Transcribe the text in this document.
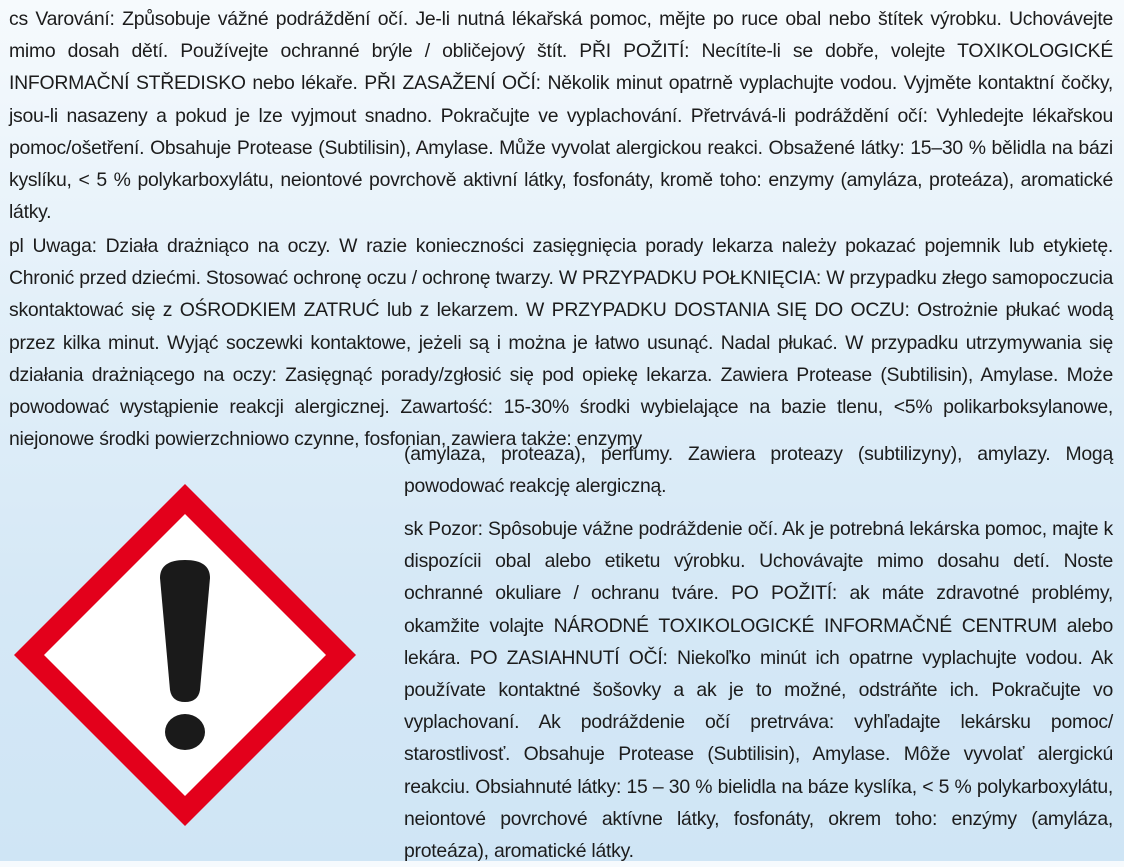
cs Varování: Způsobuje vážné podráždění očí. Je-li nutná lékařská pomoc, mějte po ruce obal nebo štítek výrobku. Uchovávejte mimo dosah dětí. Používejte ochranné brýle / obličejový štít. PŘI POŽITÍ: Necítíte-li se dobře, volejte TOXIKOLOGICKÉ INFORMAČNÍ STŘEDISKO nebo lékaře. PŘI ZASAŽENÍ OČÍ: Několik minut opatrně vyplachujte vodou. Vyjměte kontaktní čočky, jsou-li nasazeny a pokud je lze vyjmout snadno. Pokračujte ve vyplachování. Přetrvává-li podráždění očí: Vyhledejte lékařskou pomoc/ošetření. Obsahuje Protease (Subtilisin), Amylase. Může vyvolat alergickou reakci. Obsažené látky: 15–30 % bělidla na bázi kyslíku, < 5 % polykarboxylátu, neiontové povrchově aktivní látky, fosfonáty, kromě toho: enzymy (amyláza, proteáza), aromatické látky.

pl Uwaga: Działa drażniąco na oczy. W razie konieczności zasięgnięcia porady lekarza należy pokazać pojemnik lub etykietę. Chronić przed dziećmi. Stosować ochronę oczu / ochronę twarzy. W PRZYPADKU POŁKNIĘCIA: W przypadku złego samopoczucia skontaktować się z OŚRODKIEM ZATRUĆ lub z lekarzem. W PRZYPADKU DOSTANIA SIĘ DO OCZU: Ostrożnie płukać wodą przez kilka minut. Wyjąć soczewki kontaktowe, jeżeli są i można je łatwo usunąć. Nadal płukać. W przypadku utrzymywania się działania drażniącego na oczy: Zasięgnąć porady/zgłosić się pod opiekę lekarza. Zawiera Protease (Subtilisin), Amylase. Może powodować wystąpienie reakcji alergicznej. Zawartość: 15-30% środki wybielające na bazie tlenu, <5% polikarboksylanowe, niejonowe środki powierzchniowo czynne, fosfonian, zawiera także: enzymy

(amylaza, proteaza), perfumy. Zawiera proteazy (subtilizyny), amylazy. Mogą powodować reakcję alergiczną.

sk Pozor: Spôsobuje vážne podráždenie očí. Ak je potrebná lekárska pomoc, majte k dispozícii obal alebo etiketu výrobku. Uchovávajte mimo dosahu detí. Noste ochranné okuliare / ochranu tváre. PO POŽITÍ: ak máte zdravotné problémy, okamžite volajte NÁRODNÉ TOXIKOLOGICKÉ INFORMAČNÉ CENTRUM alebo lekára. PO ZASIAHNUTÍ OČÍ: Niekoľko minút ich opatrne vyplachujte vodou. Ak používate kontaktné šošovky a ak je to možné, odstráňte ich. Pokračujte vo vyplachovaní. Ak podráždenie očí pretrváva: vyhľadajte lekársku pomoc/ starostlivosť. Obsahuje Protease (Subtilisin), Amylase. Môže vyvolať alergickú reakciu. Obsiahnuté látky: 15 – 30 % bielidla na báze kyslíka, < 5 % polykarboxylátu, neiontové povrchové aktívne látky, fosfonáty, okrem toho: enzýmy (amyláza, proteáza), aromatické látky.
